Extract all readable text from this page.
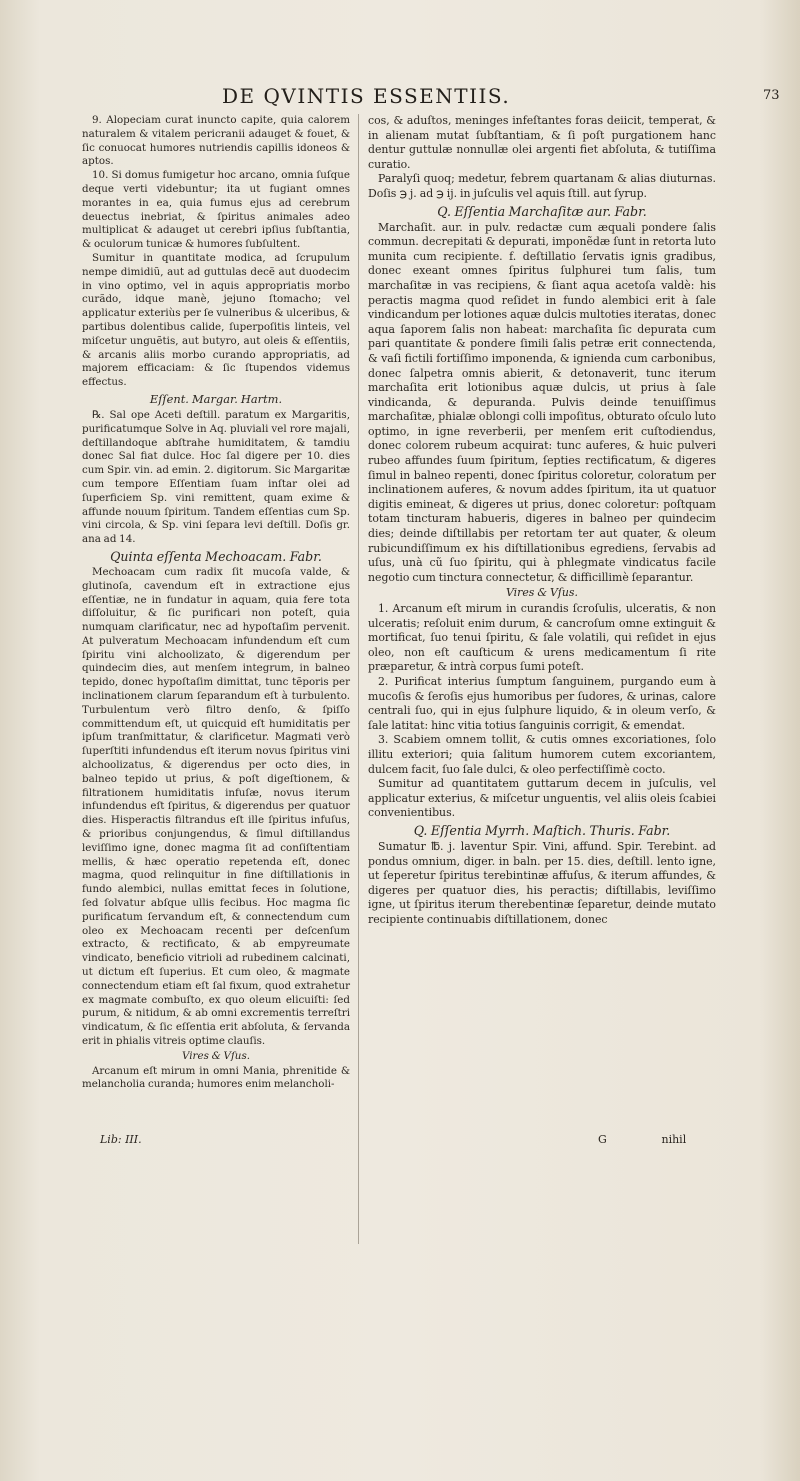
DE QVINTIS ESSENTIIS.	73

9. Alopeciam curat inuncto capite, quia calorem naturalem & vitalem pericranii adauget & fouet, & ſic conuocat humores nutriendis capillis idoneos & aptos.

10. Si domus fumigetur hoc arcano, omnia ſuſque deque verti videbuntur; ita ut fugiant omnes morantes in ea, quia fumus ejus ad cerebrum deuectus inebriat, & ſpiritus animales adeo multiplicat & adauget ut cerebri ipſius ſubſtantia, & oculorum tunicæ & humores ſubſultent.

Sumitur in quantitate modica, ad ſcrupulum nempe dimidiũ, aut ad guttulas decẽ aut duodecim in vino optimo, vel in aquis appropriatis morbo curãdo, idque manè, jejuno ſtomacho; vel applicatur exteriùs per ſe vulneribus & ulceribus, & partibus dolentibus calide, ſuperpoſitis linteis, vel miſcetur unguẽtis, aut butyro, aut oleis & eſſentiis, & arcanis aliis morbo curando appropriatis, ad majorem efficaciam: & ſic ſtupendos videmus effectus.

Eſſent. Margar. Hartm.

℞. Sal ope Aceti deſtill. paratum ex Margaritis, purificatumque Solve in Aq. pluviali vel rore majali, deſtillandoque abſtrahe humiditatem, & tamdiu donec Sal fiat dulce. Hoc ſal digere per 10. dies cum Spir. vin. ad emin. 2. digitorum. Sic Margaritæ cum tempore Eſſentiam ſuam inſtar olei ad ſuperficiem Sp. vini remittent, quam exime & affunde nouum ſpiritum. Tandem eſſentias cum Sp. vini circola, & Sp. vini ſepara levi deſtill. Doſis gr. ana ad 14.

Quinta eſſenta Mechoacam. Fabr.

Mechoacam cum radix ſit mucoſa valde, & glutinoſa, cavendum eſt in extractione ejus eſſentiæ, ne in fundatur in aquam, quia fere tota diſſoluitur, & ſic purificari non poteſt, quia numquam clarificatur, nec ad hypoſtaſim pervenit. At pulveratum Mechoacam infundendum eſt cum ſpiritu vini alchoolizato, & digerendum per quindecim dies, aut menſem integrum, in balneo tepido, donec hypoſtaſim dimittat, tunc tẽporis per inclinationem clarum ſeparandum eſt à turbulento. Turbulentum verò filtro denſo, & ſpiſſo committendum eſt, ut quicquid eſt humiditatis per ipſum tranſmittatur, & clarificetur. Magmati verò ſuperſtiti infundendus eſt iterum novus ſpiritus vini alchoolizatus, & digerendus per octo dies, in balneo tepido ut prius, & poſt digeſtionem, & filtrationem humiditatis infuſæ, novus iterum infundendus eſt ſpiritus, & digerendus per quatuor dies. Hisperactis filtrandus eſt ille ſpiritus infuſus, & prioribus conjungendus, & ſimul diſtillandus leviſſimo igne, donec magma ſit ad conſiſtentiam mellis, & hæc operatio repetenda eſt, donec magma, quod relinquitur in fine diſtillationis in fundo alembici, nullas emittat feces in ſolutione, ſed ſolvatur abſque ullis fecibus. Hoc magma ſic purificatum ſervandum eſt, & connectendum cum oleo ex Mechoacam recenti per deſcenſum extracto, & rectificato, & ab empyreumate vindicato, beneficio vitrioli ad rubedinem calcinati, ut dictum eſt ſuperius. Et cum oleo, & magmate connectendum etiam eſt ſal fixum, quod extrahetur ex magmate combuſto, ex quo oleum elicuiſti: ſed purum, & nitidum, & ab omni excrementis terreſtri vindicatum, & ſic eſſentia erit abſoluta, & ſervanda erit in phialis vitreis optime clauſis.

Vires & Vſus.

Arcanum eſt mirum in omni Mania, phrenitide & melancholia curanda; humores enim melancholi-

cos, & aduſtos, meninges infeſtantes foras deiicit, temperat, & in alienam mutat ſubſtantiam, & ſi poſt purgationem hanc dentur guttulæ nonnullæ olei argenti fiet abſoluta, & tutiſſima curatio.

Paralyſi quoq; medetur, febrem quartanam & alias diuturnas. Doſis ℈ j. ad ℈ ij. in juſculis vel aquis ſtill. aut ſyrup.

Q. Eſſentia Marchaſitæ aur. Fabr.

Marchaſit. aur. in pulv. redactæ cum æquali pondere ſalis commun. decrepitati & depurati, imponẽdæ ſunt in retorta luto munita cum recipiente. f. deſtillatio ſervatis ignis gradibus, donec exeant omnes ſpiritus ſulphurei tum ſalis, tum marchaſitæ in vas recipiens, & ſiant aqua acetoſa valdè: his peractis magma quod reſidet in fundo alembici erit à ſale vindicandum per lotiones aquæ dulcis multoties iteratas, donec aqua ſaporem ſalis non habeat: marchaſita ſic depurata cum pari quantitate & pondere ſimili ſalis petræ erit connectenda, & vaſi fictili fortiſſimo imponenda, & ignienda cum carbonibus, donec ſalpetra omnis abierit, & detonaverit, tunc iterum marchaſita erit lotionibus aquæ dulcis, ut prius à ſale vindicanda, & depuranda. Pulvis deinde tenuiſſimus marchaſitæ, phialæ oblongi colli impoſitus, obturato oſculo luto optimo, in igne reverberii, per menſem erit cuſtodiendus, donec colorem rubeum acquirat: tunc auferes, & huic pulveri rubeo affundes ſuum ſpiritum, ſepties rectificatum, & digeres ſimul in balneo repenti, donec ſpiritus coloretur, coloratum per inclinationem auferes, & novum addes ſpiritum, ita ut quatuor digitis emineat, & digeres ut prius, donec coloretur: poſtquam totam tincturam habueris, digeres in balneo per quindecim dies; deinde diſtillabis per retortam ter aut quater, & oleum rubicundiſſimum ex his diſtillationibus egrediens, ſervabis ad uſus, unà cũ ſuo ſpiritu, qui à phlegmate vindicatus facile negotio cum tinctura connectetur, & difficillimè ſeparantur.

Vires & Vſus.

1. Arcanum eſt mirum in curandis ſcroſulis, ulceratis, & non ulceratis; reſoluit enim durum, & cancroſum omne extinguit & mortificat, ſuo tenui ſpiritu, & ſale volatili, qui reſidet in ejus oleo, non eſt cauſticum & urens medicamentum ſi rite præparetur, & intrà corpus ſumi poteſt.

2. Purificat interius ſumptum ſanguinem, purgando eum à mucoſis & ſeroſis ejus humoribus per ſudores, & urinas, calore centrali ſuo, qui in ejus ſulphure liquido, & in oleum verſo, & ſale latitat: hinc vitia totius ſanguinis corrigit, & emendat.

3. Scabiem omnem tollit, & cutis omnes excoriationes, ſolo illitu exteriori; quia ſalitum humorem cutem excoriantem, dulcem facit, ſuo ſale dulci, & oleo perfectiſſimè cocto.

Sumitur ad quantitatem guttarum decem in juſculis, vel applicatur exterius, & miſcetur unguentis, vel aliis oleis ſcabiei convenientibus.

Q. Eſſentia Myrrh. Maſtich. Thuris. Fabr.

Sumatur ℔. j. laventur Spir. Vini, affund. Spir. Terebint. ad pondus omnium, diger. in baln. per 15. dies, deſtill. lento igne, ut ſeperetur ſpiritus terebintinæ affuſus, & iterum affundes, & digeres per quatuor dies, his peractis; diſtillabis, leviſſimo igne, ut ſpiritus iterum therebentinæ ſeparetur, deinde mutato recipiente continuabis diſtillationem, donec

Lib: III.	G	nihil
